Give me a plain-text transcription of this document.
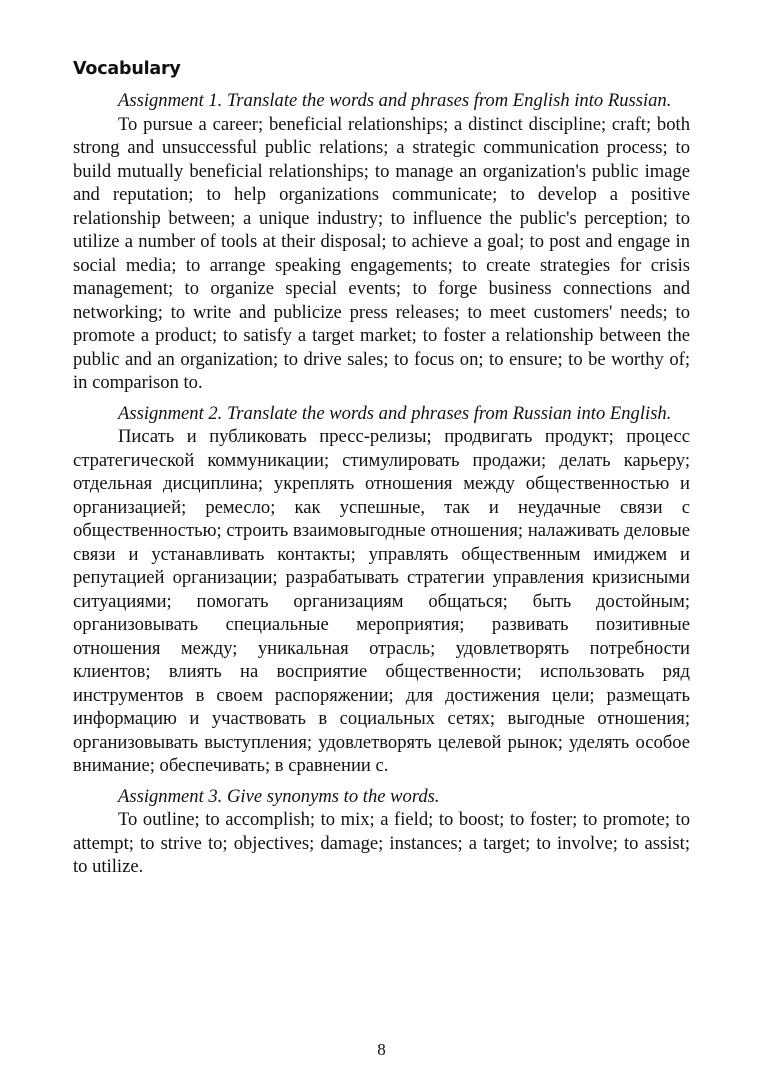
Vocabulary

Assignment 1. Translate the words and phrases from English into Russian.

To pursue a career; beneficial relationships; a distinct discipline; craft; both strong and unsuccessful public relations; a strategic communication process; to build mutually beneficial relationships; to manage an organization's public image and reputation; to help organizations communicate; to develop a positive relationship between; a unique industry; to influence the public's perception; to utilize a number of tools at their disposal; to achieve a goal; to post and engage in social media; to arrange speaking engagements; to create strategies for crisis management; to organize special events; to forge business connections and networking; to write and publicize press releases; to meet customers' needs; to promote a product; to satisfy a target market; to foster a relationship between the public and an organization; to drive sales; to focus on; to ensure; to be worthy of; in comparison to.

Assignment 2. Translate the words and phrases from Russian into English.

Писать и публиковать пресс-релизы; продвигать продукт; процесс стратегической коммуникации; стимулировать продажи; делать карьеру; отдельная дисциплина; укреплять отношения между общественностью и организацией; ремесло; как успешные, так и неудачные связи с общественностью; строить взаимовыгодные отношения; налаживать деловые связи и устанавливать контакты; управлять общественным имиджем и репутацией организации; разрабатывать стратегии управления кризисными ситуациями; помогать организациям общаться; быть достойным; организовывать специальные мероприятия; развивать позитивные отношения между; уникальная отрасль; удовлетворять потребности клиентов; влиять на восприятие общественности; использовать ряд инструментов в своем распоряжении; для достижения цели; размещать информацию и участвовать в социальных сетях; выгодные отношения; организовывать выступления; удовлетворять целевой рынок; уделять особое внимание; обеспечивать; в сравнении с.

Assignment 3. Give synonyms to the words.

To outline; to accomplish; to mix; a field; to boost; to foster; to promote; to attempt; to strive to; objectives; damage; instances; a target; to involve; to assist; to utilize.

8
